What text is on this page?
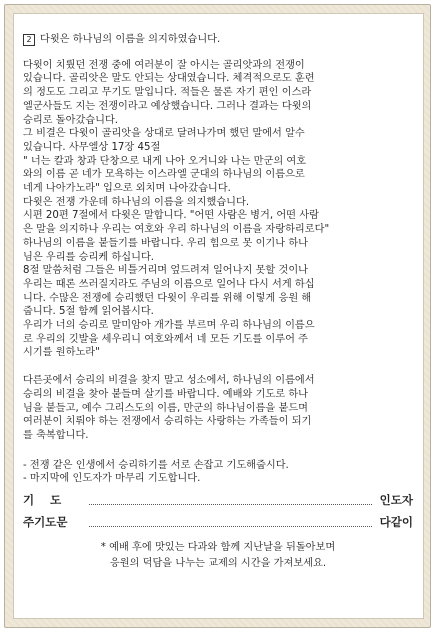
2 다윗은 하나님의 이름을 의지하였습니다.
다윗이 치뤘던 전쟁 중에 여러분이 잘 아시는 골리앗과의 전쟁이
있습니다. 골리앗은 말도 안되는 상대였습니다. 체격적으로도 훈련
의 정도도 그리고 무기도 말입니다. 적들은 물론 자기 편인 이스라
엘군사들도 지는 전쟁이라고 예상했습니다. 그러나 결과는 다윗의
승리로 돌아갔습니다.
그 비결은 다윗이 골리앗을 상대로 달려나가며 했던 말에서 알수
있습니다. 사무엘상 17장 45절
" 너는 칼과 창과 단창으로 내게 나아 오거니와 나는 만군의 여호
와의 이름 곧 네가 모욕하는 이스라엘 군대의 하나님의 이름으로
네게 나아가노라" 입으로 외치며 나아갔습니다.
다윗은 전쟁 가운데 하나님의 이름을 의지했습니다.
시편 20편 7절에서 다윗은 말합니다. "어떤 사람은 병거, 어떤 사람
은 말을 의지하나 우리는 여호와 우리 하나님의 이름을 자랑하리로다"
하나님의 이름을 붙들기를 바랍니다. 우리 힘으로 못 이기나 하나
님은 우리를 승리케 하십니다.
8절 말씀처럼 그들은 비틀거리며 엎드려져 일어나지 못할 것이나
우리는 때론 쓰러질지라도 주님의 이름으로 일어나 다시 서게 하십
니다. 수많은 전쟁에 승리했던 다윗이 우리를 위해 이렇게 응원 해
줍니다. 5절 함께 읽어봅시다.
우리가 너의 승리로 말미암아 개가를 부르며 우리 하나님의 이름으
로 우리의 깃발을 세우리니 여호와께서 네 모든 기도를 이루어 주
시기를 원하노라"
다른곳에서 승리의 비결을 찾지 말고 성소에서, 하나님의 이름에서
승리의 비결을 찾아 붙들며 살기를 바랍니다. 예배와 기도로 하나
님을 붙들고, 예수 그리스도의 이름, 만군의 하나님이름을 붙드며
여러분이 치뤄야 하는 전쟁에서 승리하는 사랑하는 가족들이 되기
를 축복합니다.
- 전쟁 같은 인생에서 승리하기를 서로 손잡고 기도해줍시다.
- 마지막에 인도자가 마무리 기도합니다.
기    도	인도자
주기도문	다같이
* 예배 후에 맛있는 다과와 함께 지난날을 뒤돌아보며
응원의 덕담을 나누는 교제의 시간을 가져보세요.
